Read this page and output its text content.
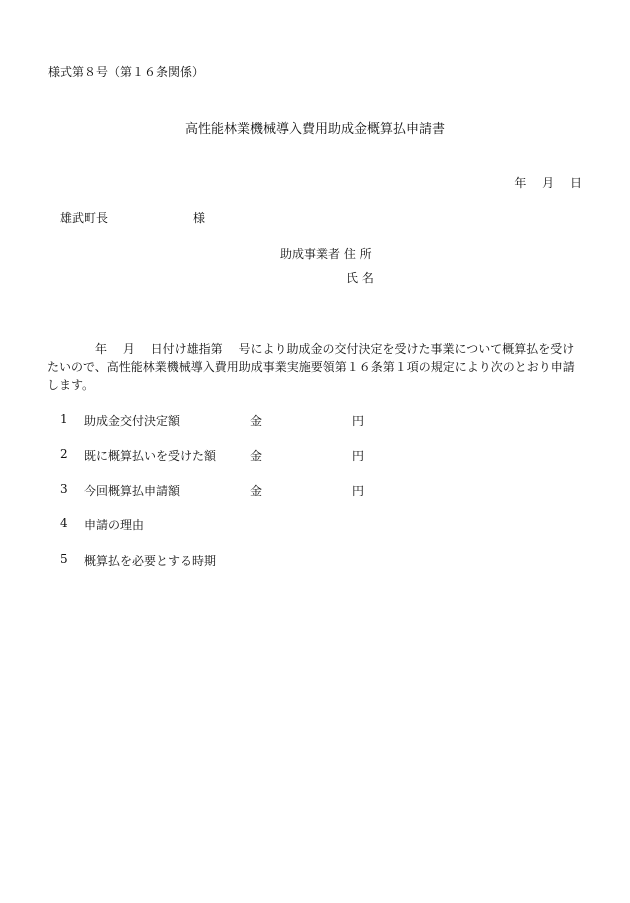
様式第８号（第１６条関係）
高性能林業機械導入費用助成金概算払申請書
年　 月　 日
雄武町長	様
助成事業者 住 所
氏 名
年　 月　 日付け雄指第　 号により助成金の交付決定を受けた事業について概算払を受けたいので、高性能林業機械導入費用助成事業実施要領第１６条第１項の規定により次のとおり申請します。
1 助成金交付決定額	金	円
2 既に概算払いを受けた額	金	円
3 今回概算払申請額	金	円
4 申請の理由
5 概算払を必要とする時期
